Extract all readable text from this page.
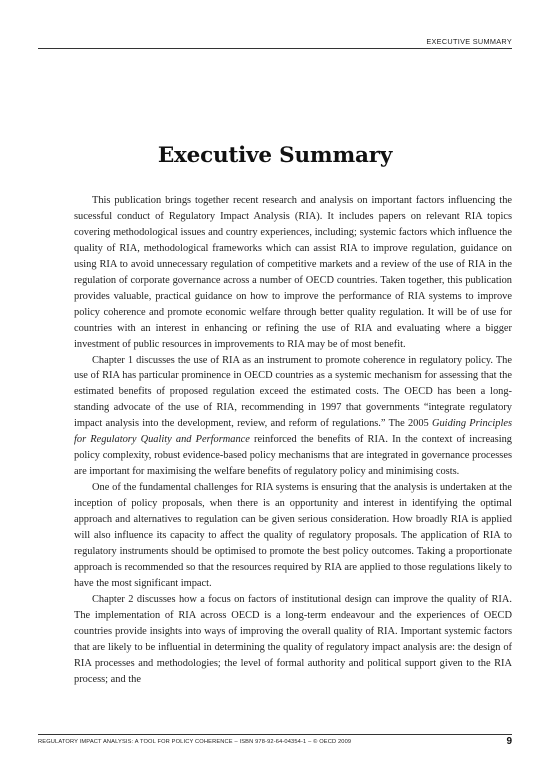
EXECUTIVE SUMMARY
Executive Summary

This publication brings together recent research and analysis on important factors influencing the sucessful conduct of Regulatory Impact Analysis (RIA). It includes papers on relevant RIA topics covering methodological issues and country experiences, including; systemic factors which influence the quality of RIA, methodological frameworks which can assist RIA to improve regulation, guidance on using RIA to avoid unnecessary regulation of competitive markets and a review of the use of RIA in the regulation of corporate governance across a number of OECD countries. Taken together, this publication provides valuable, practical guidance on how to improve the performance of RIA systems to improve policy coherence and promote economic welfare through better quality regulation. It will be of use for countries with an interest in enhancing or refining the use of RIA and evaluating where a bigger investment of public resources in improvements to RIA may be of most benefit.

Chapter 1 discusses the use of RIA as an instrument to promote coherence in regulatory policy. The use of RIA has particular prominence in OECD countries as a systemic mechanism for assessing that the estimated benefits of proposed regulation exceed the estimated costs. The OECD has been a long-standing advocate of the use of RIA, recommending in 1997 that governments “integrate regulatory impact analysis into the development, review, and reform of regulations.” The 2005 Guiding Principles for Regulatory Quality and Performance reinforced the benefits of RIA. In the context of increasing policy complexity, robust evidence-based policy mechanisms that are integrated in governance processes are important for maximising the welfare benefits of regulatory policy and minimising costs.

One of the fundamental challenges for RIA systems is ensuring that the analysis is undertaken at the inception of policy proposals, when there is an opportunity and interest in identifying the optimal approach and alternatives to regulation can be given serious consideration. How broadly RIA is applied will also influence its capacity to affect the quality of regulatory proposals. The application of RIA to regulatory instruments should be optimised to promote the best policy outcomes. Taking a proportionate approach is recommended so that the resources required by RIA are applied to those regulations likely to have the most significant impact.

Chapter 2 discusses how a focus on factors of institutional design can improve the quality of RIA. The implementation of RIA across OECD is a long-term endeavour and the experiences of OECD countries provide insights into ways of improving the overall quality of RIA. Important systemic factors that are likely to be influential in determining the quality of regulatory impact analysis are: the design of RIA processes and methodologies; the level of formal authority and political support given to the RIA process; and the

REGULATORY IMPACT ANALYSIS: A TOOL FOR POLICY COHERENCE – ISBN 978-92-64-04354-1 – © OECD 2009	9
